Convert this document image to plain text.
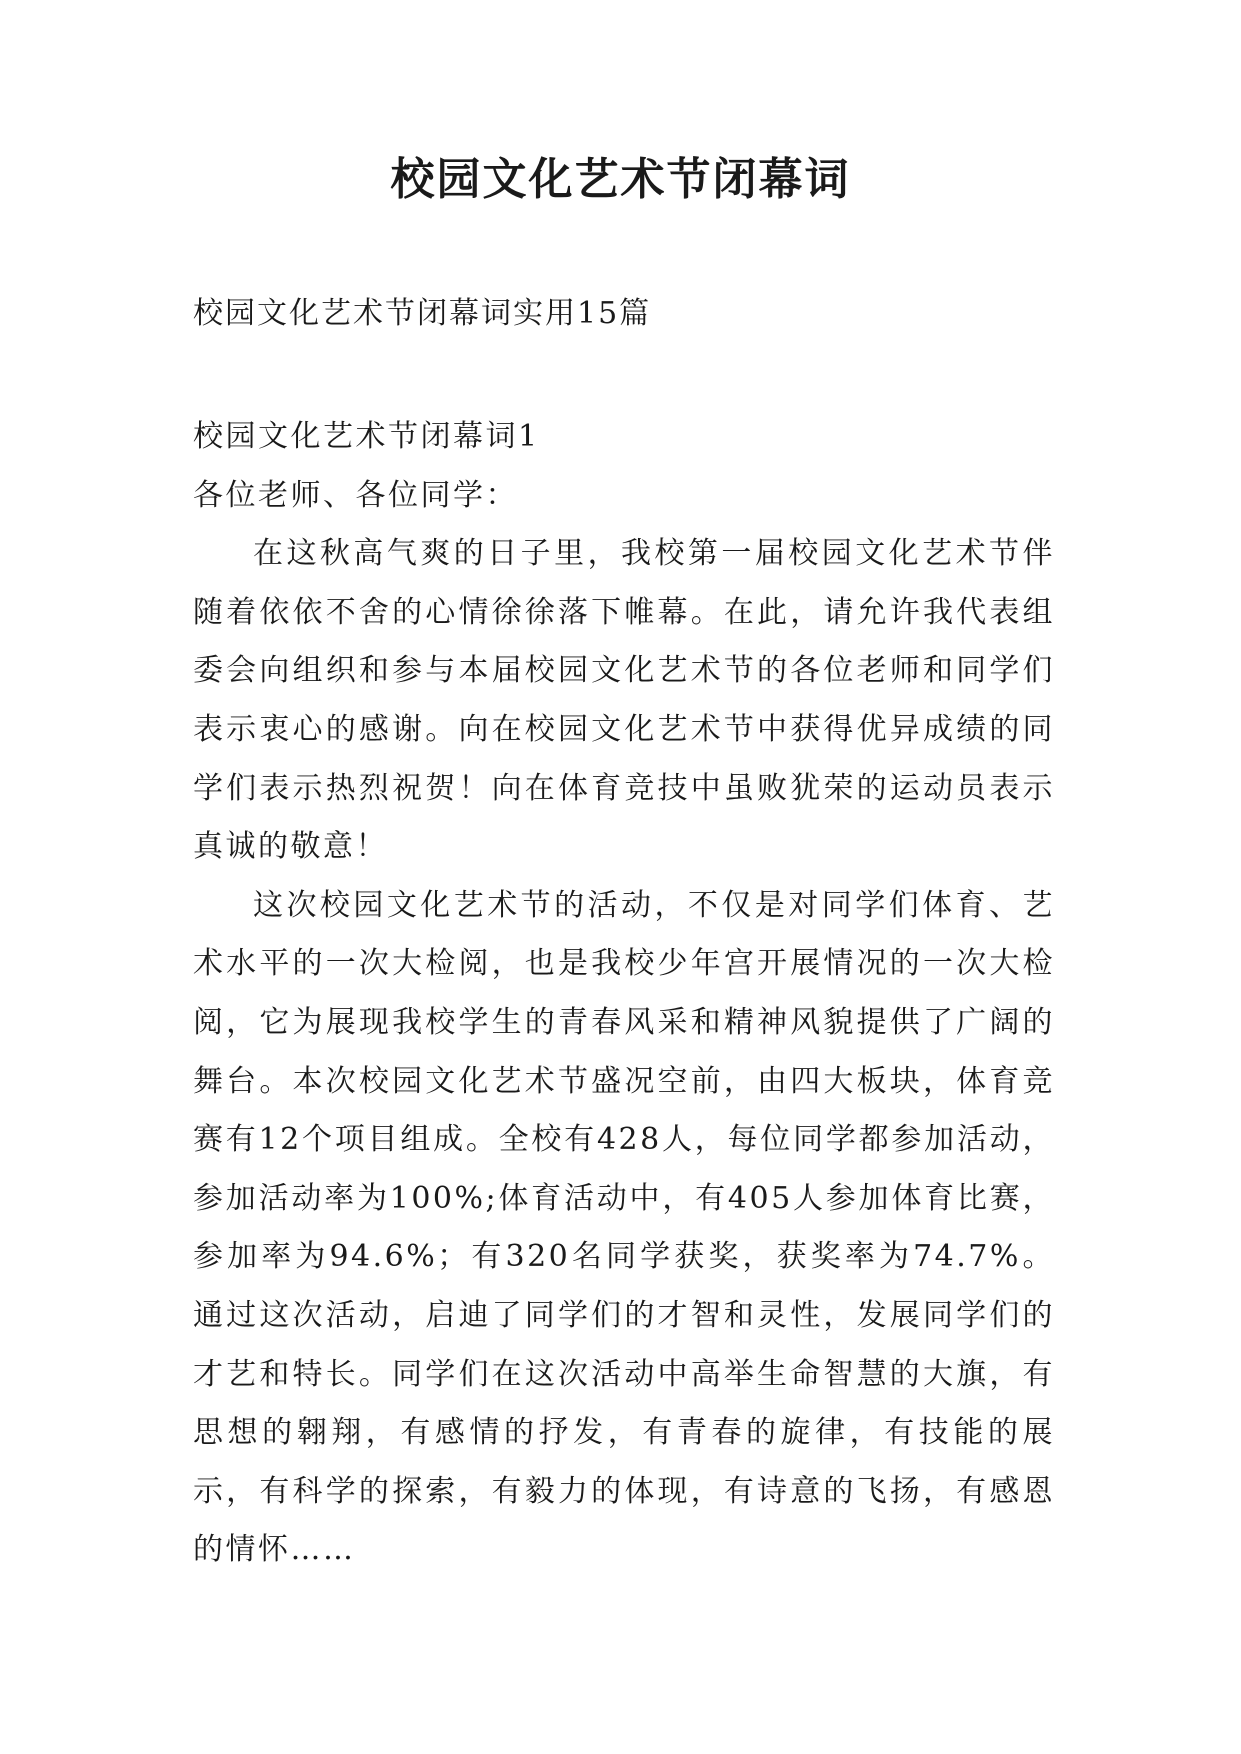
校园文化艺术节闭幕词

校园文化艺术节闭幕词实用15篇

校园文化艺术节闭幕词1

各位老师、各位同学：

在这秋高气爽的日子里，我校第一届校园文化艺术节伴随着依依不舍的心情徐徐落下帷幕。在此，请允许我代表组委会向组织和参与本届校园文化艺术节的各位老师和同学们表示衷心的感谢。向在校园文化艺术节中获得优异成绩的同学们表示热烈祝贺！向在体育竞技中虽败犹荣的运动员表示真诚的敬意！

这次校园文化艺术节的活动，不仅是对同学们体育、艺术水平的一次大检阅，也是我校少年宫开展情况的一次大检阅，它为展现我校学生的青春风采和精神风貌提供了广阔的舞台。本次校园文化艺术节盛况空前，由四大板块，体育竞赛有12个项目组成。全校有428人，每位同学都参加活动，参加活动率为100%;体育活动中，有405人参加体育比赛，参加率为94.6%；有320名同学获奖，获奖率为74.7%。通过这次活动，启迪了同学们的才智和灵性，发展同学们的才艺和特长。同学们在这次活动中高举生命智慧的大旗，有思想的翱翔，有感情的抒发，有青春的旋律，有技能的展示，有科学的探索，有毅力的体现，有诗意的飞扬，有感恩的情怀……
